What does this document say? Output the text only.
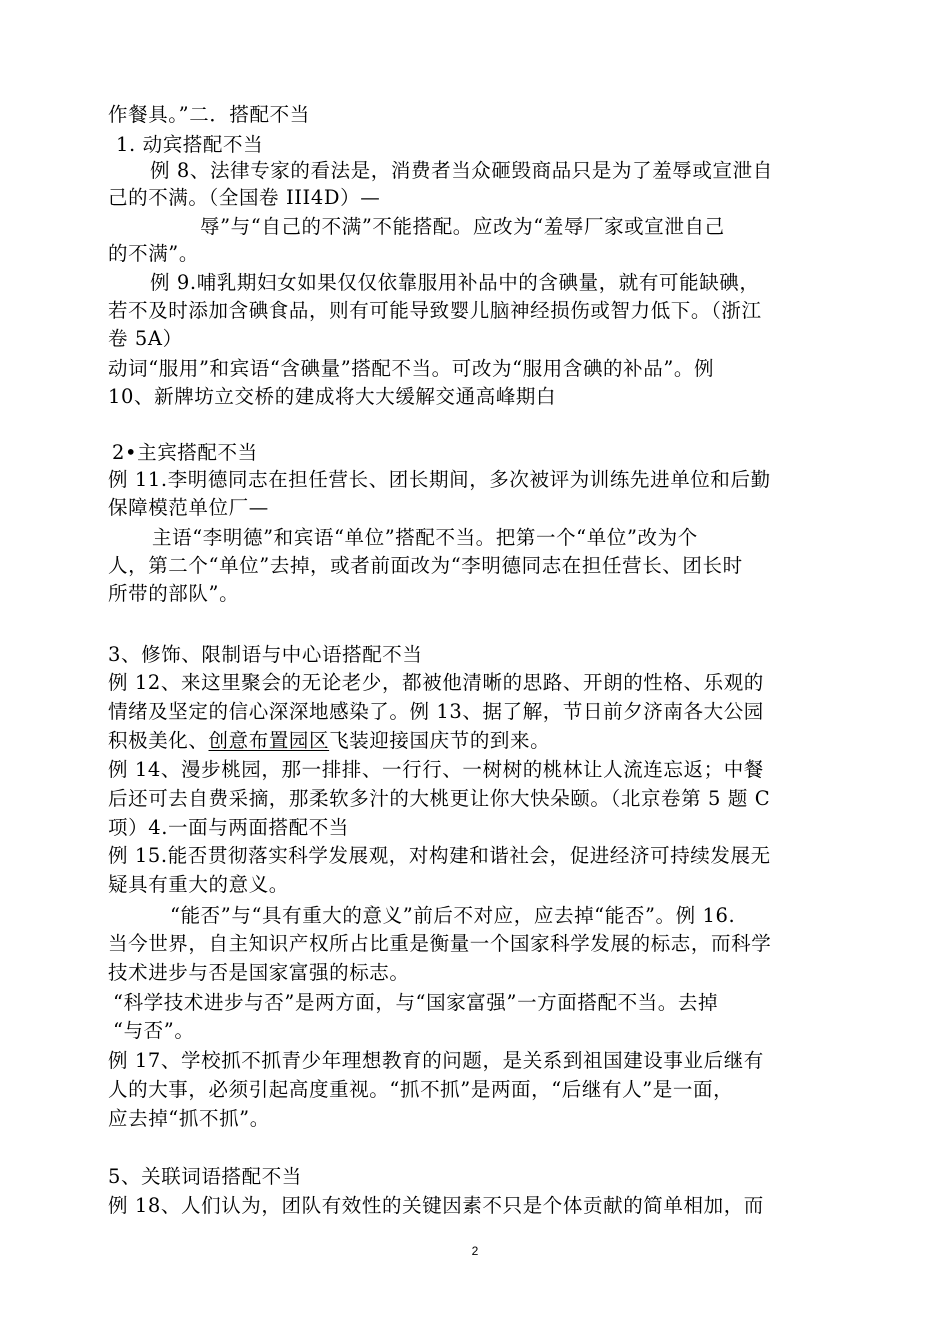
作餐具。”二．搭配不当
1. 动宾搭配不当
例 8、法律专家的看法是，消费者当众砸毁商品只是为了羞辱或宣泄自
己的不满。（全国卷 III4D）—
辱”与“自己的不满”不能搭配。应改为“羞辱厂家或宣泄自己
的不满”。
例 9.哺乳期妇女如果仅仅依靠服用补品中的含碘量，就有可能缺碘，
若不及时添加含碘食品，则有可能导致婴儿脑神经损伤或智力低下。（浙江
卷 5A）
动词“服用”和宾语“含碘量”搭配不当。可改为“服用含碘的补品”。例
10、新牌坊立交桥的建成将大大缓解交通高峰期白
2•主宾搭配不当
例 11.李明德同志在担任营长、团长期间，多次被评为训练先进单位和后勤
保障模范单位厂—
主语“李明德”和宾语“单位”搭配不当。把第一个“单位”改为个
人，第二个“单位”去掉，或者前面改为“李明德同志在担任营长、团长时
所带的部队”。
3、修饰、限制语与中心语搭配不当
例 12、来这里聚会的无论老少，都被他清晰的思路、开朗的性格、乐观的
情绪及坚定的信心深深地感染了。例 13、据了解，节日前夕济南各大公园
积极美化、创意布置园区飞装迎接国庆节的到来。
例 14、漫步桃园，那一排排、一行行、一树树的桃林让人流连忘返；中餐
后还可去自费采摘，那柔软多汁的大桃更让你大快朵颐。（北京卷第 5 题 C
项）4.一面与两面搭配不当
例 15.能否贯彻落实科学发展观，对构建和谐社会，促进经济可持续发展无
疑具有重大的意义。
“能否”与“具有重大的意义”前后不对应，应去掉“能否”。例 16.
当今世界，自主知识产权所占比重是衡量一个国家科学发展的标志，而科学
技术进步与否是国家富强的标志。
“科学技术进步与否”是两方面，与“国家富强”一方面搭配不当。去掉
“与否”。
例 17、学校抓不抓青少年理想教育的问题，是关系到祖国建设事业后继有
人的大事，必须引起高度重视。“抓不抓”是两面，“后继有人”是一面，
应去掉“抓不抓”。
5、关联词语搭配不当
例 18、人们认为，团队有效性的关键因素不只是个体贡献的简单相加，而
2
